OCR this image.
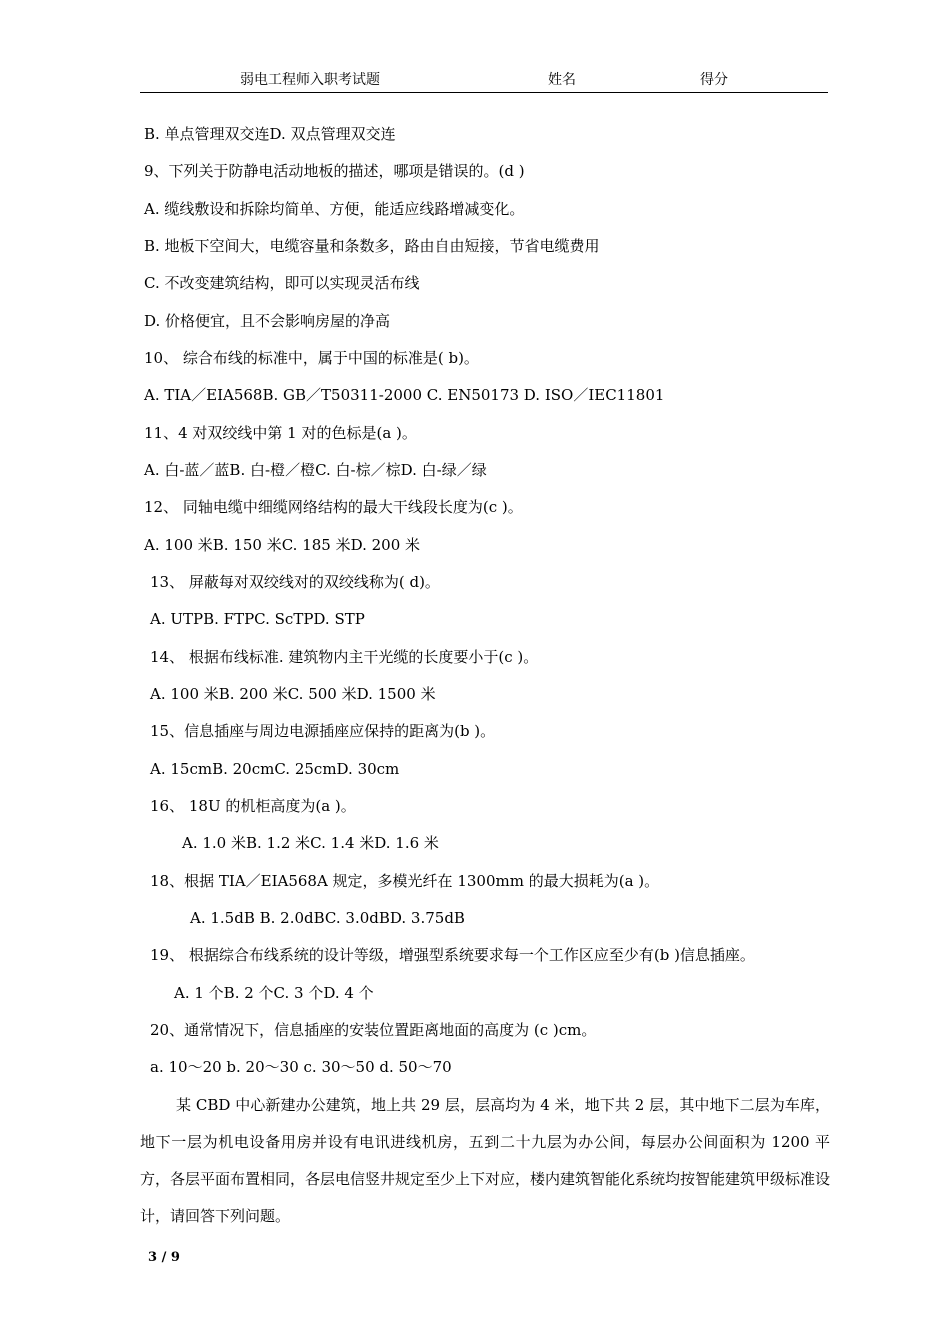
弱电工程师入职考试题	姓名	得分
B. 单点管理双交连D. 双点管理双交连
9、下列关于防静电活动地板的描述，哪项是错误的。(d )
A. 缆线敷设和拆除均简单、方便，能适应线路增减变化。
B. 地板下空间大，电缆容量和条数多，路由自由短接，节省电缆费用
C. 不改变建筑结构，即可以实现灵活布线
D. 价格便宜，且不会影响房屋的净高
10、 综合布线的标准中，属于中国的标准是( b)。
A. TIA／EIA568B. GB／T50311-2000 C. EN50173 D. ISO／IEC11801
11、4 对双绞线中第 1 对的色标是(a )。
A. 白-蓝／蓝B. 白-橙／橙C. 白-棕／棕D. 白-绿／绿
12、 同轴电缆中细缆网络结构的最大干线段长度为(c )。
A. 100 米B. 150 米C. 185 米D. 200 米
13、 屏蔽每对双绞线对的双绞线称为( d)。
A. UTPB. FTPC. ScTPD. STP
14、 根据布线标准. 建筑物内主干光缆的长度要小于(c )。
A. 100 米B. 200 米C. 500 米D. 1500 米
15、信息插座与周边电源插座应保持的距离为(b )。
A. 15cmB. 20cmC. 25cmD. 30cm
16、 18U 的机柜高度为(a )。
A. 1.0 米B. 1.2 米C. 1.4 米D. 1.6 米
18、根据 TIA／EIA568A 规定，多模光纤在 1300mm 的最大损耗为(a )。
A. 1.5dB B. 2.0dBC. 3.0dBD. 3.75dB
19、 根据综合布线系统的设计等级，增强型系统要求每一个工作区应至少有(b )信息插座。
A. 1 个B. 2 个C. 3 个D. 4 个
20、通常情况下，信息插座的安装位置距离地面的高度为 (c )cm。
a. 10～20 b. 20～30 c. 30～50 d. 50～70
某 CBD 中心新建办公建筑，地上共 29 层，层高均为 4 米，地下共 2 层，其中地下二层为车库，地下一层为机电设备用房并设有电讯进线机房，五到二十九层为办公间，每层办公间面积为 1200 平方，各层平面布置相同，各层电信竖井规定至少上下对应，楼内建筑智能化系统均按智能建筑甲级标准设计，请回答下列问题。
3 / 9
